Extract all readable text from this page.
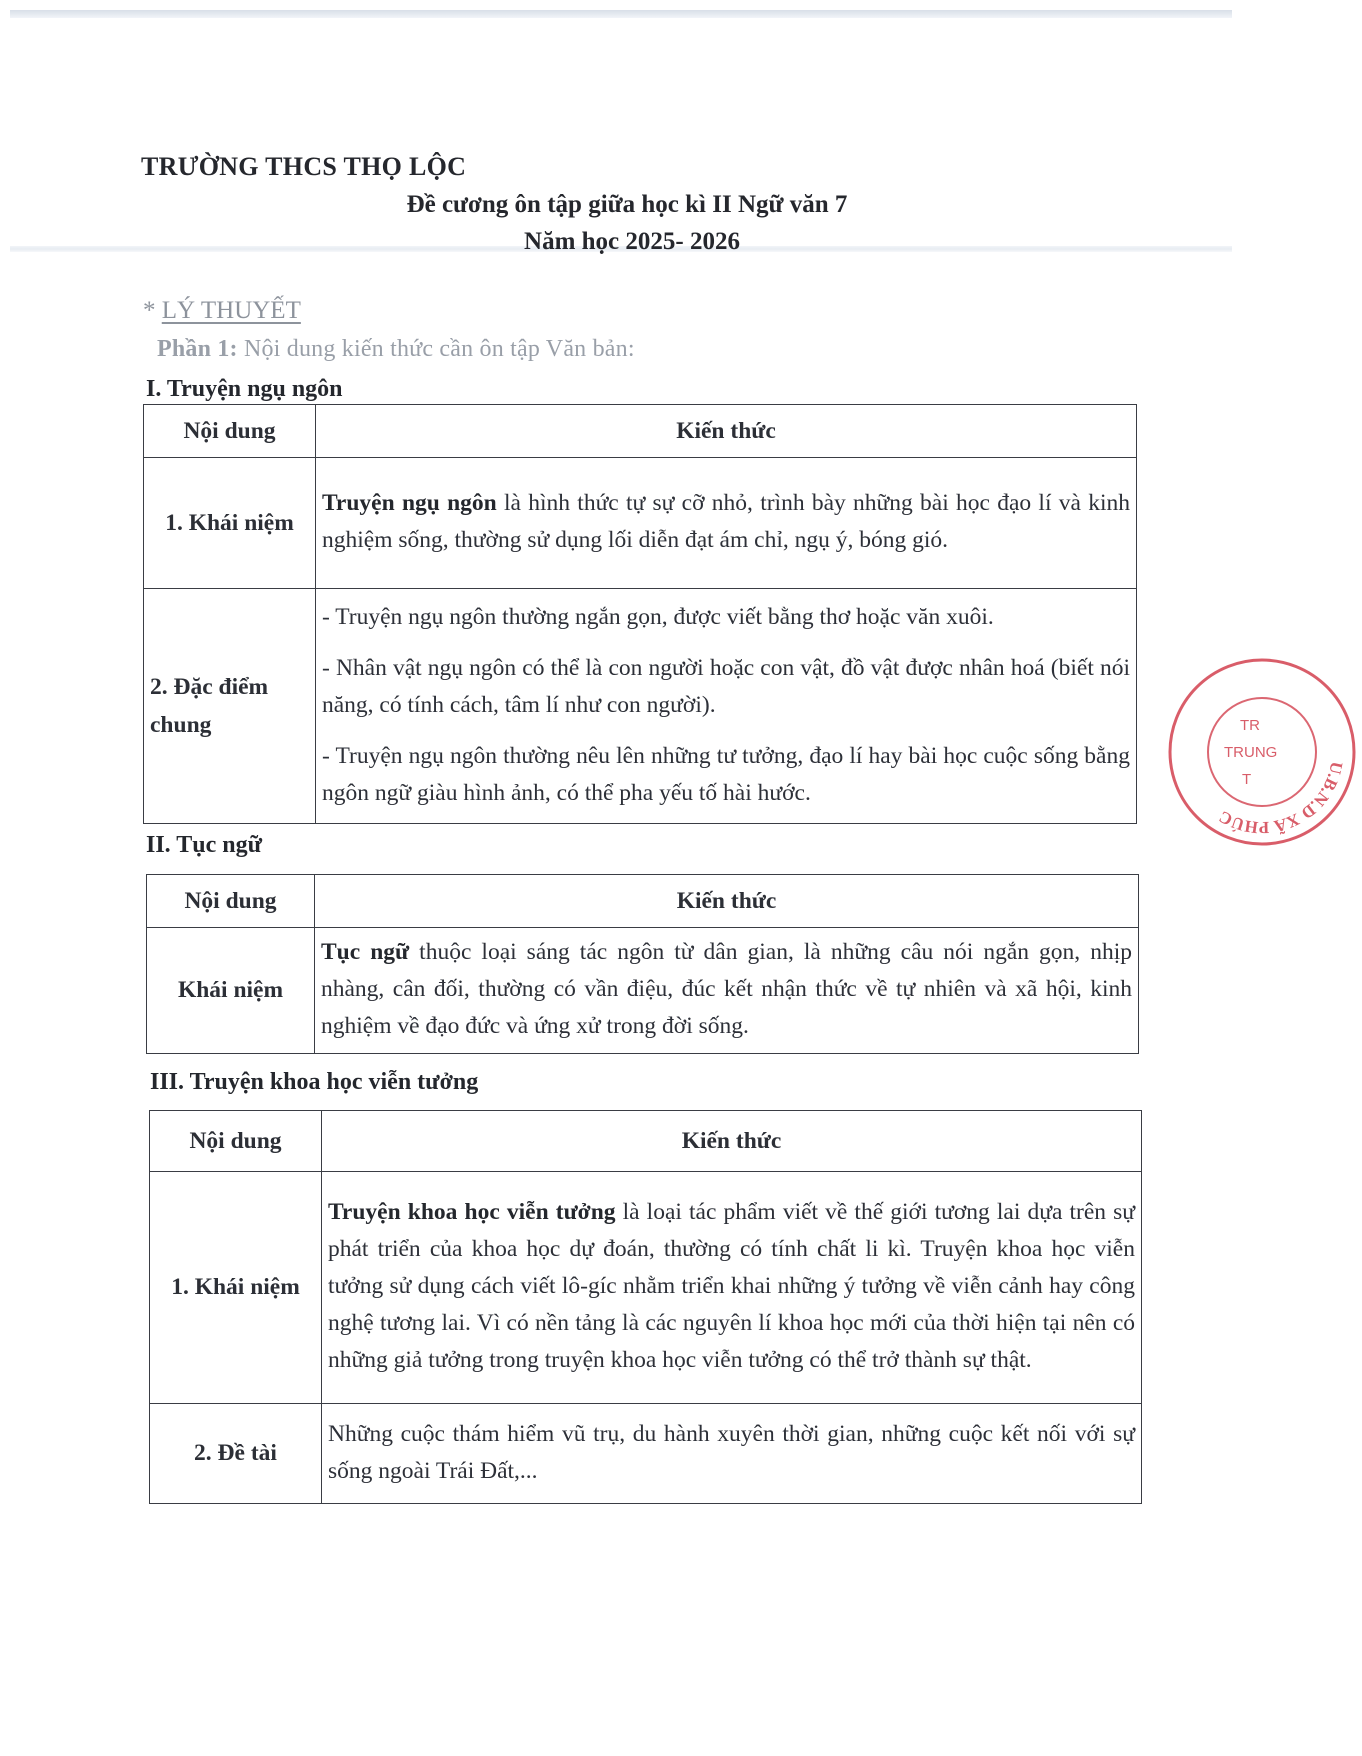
TRƯỜNG THCS THỌ LỘC
Đề cương ôn tập giữa học kì II Ngữ văn 7
Năm học 2025- 2026
* LÝ THUYẾT
Phần 1: Nội dung kiến thức cần ôn tập Văn bản:
I. Truyện ngụ ngôn
Nội dung	Kiến thức
1. Khái niệm	Truyện ngụ ngôn là hình thức tự sự cỡ nhỏ, trình bày những bài học đạo lí và kinh nghiệm sống, thường sử dụng lối diễn đạt ám chỉ, ngụ ý, bóng gió.
2. Đặc điểm chung	- Truyện ngụ ngôn thường ngắn gọn, được viết bằng thơ hoặc văn xuôi.
- Nhân vật ngụ ngôn có thể là con người hoặc con vật, đồ vật được nhân hoá (biết nói năng, có tính cách, tâm lí như con người).
- Truyện ngụ ngôn thường nêu lên những tư tưởng, đạo lí hay bài học cuộc sống bằng ngôn ngữ giàu hình ảnh, có thể pha yếu tố hài hước.
II. Tục ngữ
Nội dung	Kiến thức
Khái niệm	Tục ngữ thuộc loại sáng tác ngôn từ dân gian, là những câu nói ngắn gọn, nhịp nhàng, cân đối, thường có vần điệu, đúc kết nhận thức về tự nhiên và xã hội, kinh nghiệm về đạo đức và ứng xử trong đời sống.
III. Truyện khoa học viễn tưởng
Nội dung	Kiến thức
1. Khái niệm	Truyện khoa học viễn tưởng là loại tác phẩm viết về thế giới tương lai dựa trên sự phát triển của khoa học dự đoán, thường có tính chất li kì. Truyện khoa học viễn tưởng sử dụng cách viết lô-gíc nhằm triển khai những ý tưởng về viễn cảnh hay công nghệ tương lai. Vì có nền tảng là các nguyên lí khoa học mới của thời hiện tại nên có những giả tưởng trong truyện khoa học viễn tưởng có thể trở thành sự thật.
2. Đề tài	Những cuộc thám hiểm vũ trụ, du hành xuyên thời gian, những cuộc kết nối với sự sống ngoài Trái Đất,...
U.B.N.D XÃ PHÚC
TR
TRUNG
T
